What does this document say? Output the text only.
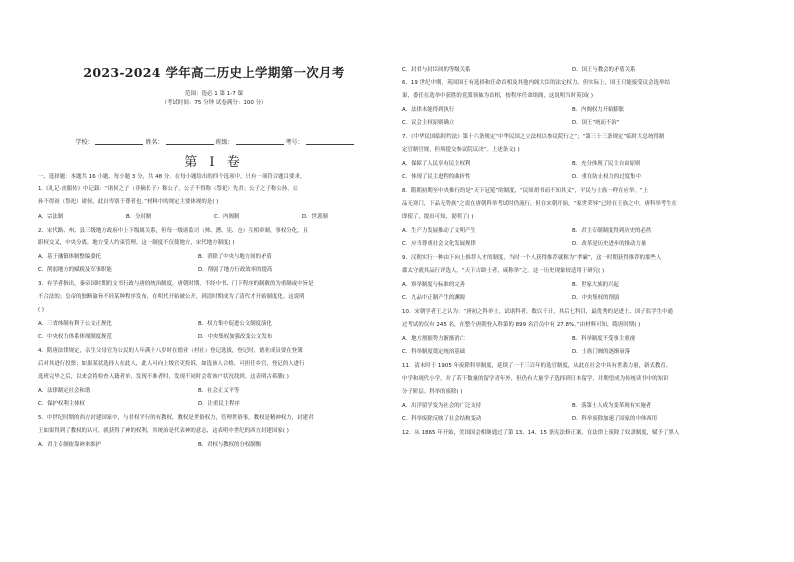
2023-2024 学年高二历史上学期第一次月考
范围：选必 1 第 1-7 课
（考试时间：75 分钟 试卷满分：100 分）
学校：	姓名：	班级：	考号：
第 I 卷
一、选择题：本题共 16 小题，每小题 3 分，共 48 分。在每小题给出的四个选项中，只有一项符合题目要求。
1.《礼记·丧服传》中记载：“诸侯之子（非嫡长子）称公子，公子不得称（祭祀）先君；公子之子称公孙，公
孙不得祖（祭祀）诸侯，此自卑别于尊者也。”材料中的规定主要体现的是( )
A．宗法制	B．分封制	C．内阁制	D．世袭制
2．宋代路、州、县三级地方政府中上下级属关系，但每一级诸监司（帅、漕、宪、仓）互相牵制，事权分化，且
职权交叉，中央分离，地方受人约束管理。这一制度不仅使地方，宋代地方制度( )
A．基于藩镇体制整编委托	B．消除了中央与地方间的矛盾
C．削弱地方的赋税及军事职能	D．削弱了地方行政效率的提高
3．有学者指出，秦帝国时期的文书行政与唐的统治制度，唐朝时期，不经中书、门下程序的制敕的为重制或中旨是
不合法的；皇帝的独断谕旨不经某种程序发布，在明代开始被公开，到清时期成为了清代才开始制度化。这说明
( )
A．三省体制有利于公文正规化	B．权力集中促进公文制度演化
C．中央权力体系体现制度规范	D．中央集权加强改变公文发布
4．隋唐法律规定，亲生父母官为公民的人年满十八岁时在德业（村社）登记选拔，登记时，德业成员要在登簿
后对其进行投票；如果某状选择人在此人，此人可向上级官吏投诉，如选该人合格，可担任乡官，登记的人进行
选班完毕之后，以来会将检查人籍者单，发现不准者时，发现不同时会将该户状况找到。这表明古希腊( )
A．法律制定社会和谐	B．社会正义平等
C．保护权利主体权	D．注重民主程序
5．中世纪时期的西方封建国家中，与君权平行的有教权，教权是世俗权力，管理世俗事，教权是精神权力，封建君
王如果得到了教权的认可，就获得了神的权利，其统治是代表神的意志，这表明中世纪的西方封建国家( )
A．君主专制依靠神来维护	B．君权与教权的分权制衡
C．封君与封臣间的等级关系	D．国王与教会的矛盾关系
6．19 世纪中期，英国国王有选择和任命首相及其他内阁大臣的法定权力，但实际上，国王只能接受议会选举结
果，委任在选举中获胜的党派领袖为首相，按程序任命组阁，这说明当时英国( )
A．法律未能得到执行	B．内阁权力开始膨胀
C．议会主权原则确立	D．国王“统而不治”
7．《中华民国临时约法》第十六条规定“中华民国之立法权以参议院行之”；“第三十三条规定”临时大总统得制
定官制官规，但须提交参议院议决”。上述条文( )
A．保障了人民享有民主权利	B．充分体现了民主自由原则
C．体现了民主进程的曲折性	D．重在防止权力的过度集中
8．隋朝初期至中央推行的是“天下冠冕”的制度，“民间胡书而不知其义”，平民与士族一样在应举。“上
品无寒门，下品无势族”之说在唐朝科举考试时仍流行，但在宋朝开始，“家世荣辱”已经在王族之中，唐科举考生在
即使了，提出可知，说明了( )
A．生产力发展推动了文明产生	B．君主专制制度得到历史的必然
C．应当尊重社会文化发展规律	D．改革是历史进步的推动力量
9．汉朝实行一种由下向上推荐人才的制度，当时一个人获得推荐就称为“孝廉”，这一时期获得推荐的那些人
郡太守就其品行评选人，“天下吉龄士者，咸称举”之。这一历史现象较适用于研究( )
A．察举制度与标准的完善	B．世家大族的兴起
C．九品中正制产生的渊源	D．中央集权的削弱
10．宋朝学者王之认为：“唐初之科举士，试诸科者，数以千计，其后七科目，最优秀的是进士、国子监学生中通
过考试的仅有 245 名，在整个唐朝登入科第的 899 名官员中有 27.8%。”由材料可知，隋唐时期( )
A．地方割据势力渐渐消亡	B．科举制度不受事主重视
C．科举制度奠定统治基础	D．士族门阀的逐渐衰落
11．清末时于 1905 年废除科举制度，延续了一千三百年的选官制度，从此在社会中具有世袭力量，新式教育、
中学和现代小学，并了若干数量的留学青年外，但仍有大量学子选择到日本留学，并期望成为传统读书中的知识
分子阶层。科举的废除( )
A．出洋留学变为社会的广泛支持	B．落第士人成为变革现有实施者
C．科举废除反映了社会结构变动	D．科举废除加速了国家的中体西用
12．从 1865 年开始，美国国会相继通过了第 13、14、15 条宪法修正案，在法律上废除了奴隶制度，赋予了黑人
